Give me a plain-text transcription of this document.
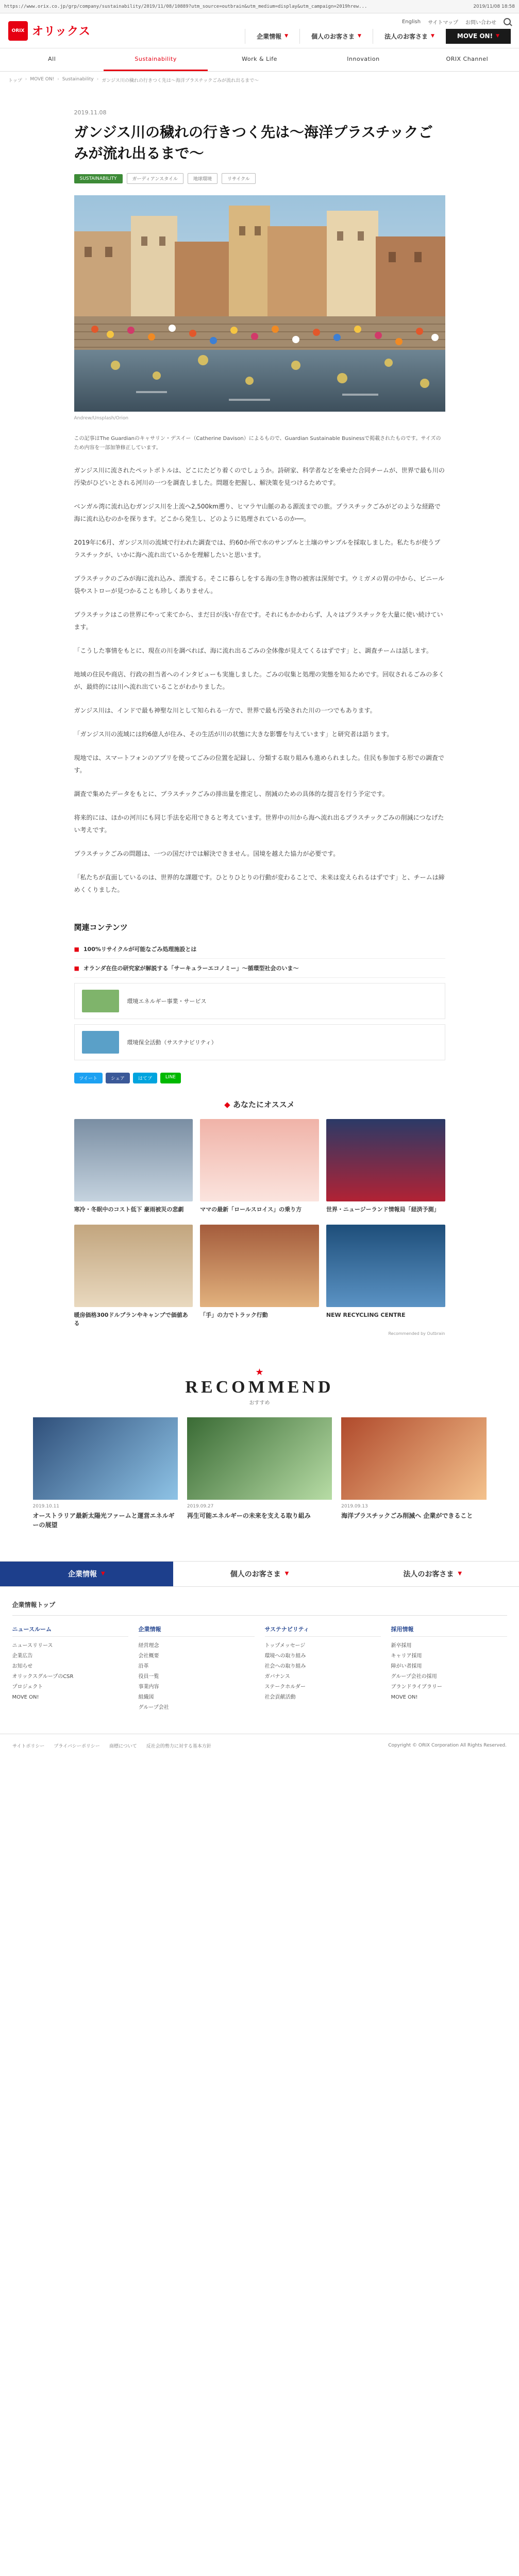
https://www.orix.co.jp/grp/company/sustainability/2019/11/08/10889?utm_source=outbrain&utm_medium=display&utm_campaign=2019hrew...	2019/11/08 18:58
ORIX オリックス
English サイトマップ お問い合わせ
企業情報 ▼	個人のお客さま ▼	法人のお客さま ▼	MOVE ON! ▼
All	Sustainability	Work & Life	Innovation	ORIX Channel
トップ › MOVE ON! › Sustainability › ガンジス川の穢れの行きつく先は〜海洋プラスチックごみが流れ出るまで〜
2019.11.08
ガンジス川の穢れの行きつく先は〜海洋プラスチックごみが流れ出るまで〜
SUSTAINABILITY	ガーディアンスタイル	地球環境	リサイクル
Andrew/Unsplash/Orion

この記事はThe Guardianのキャサリン・デスイー（Catherine Davison）によるもので、Guardian Sustainable Businessで掲載されたものです。サイズのため内容を一部加筆修正しています。

ガンジス川に流されたペットボトルは、どこにたどり着くのでしょうか。詩研家、科学者などを乗せた合同チームが、世界で最も川の汚染がひどいとされる河川の一つを調査しました。問題を把握し、解決策を見つけるためです。

ベンガル湾に流れ込むガンジス川を上流へ2,500km遡り、ヒマラヤ山脈のある源流までの旅。プラスチックごみがどのような経路で海に流れ込むのかを探ります。どこから発生し、どのように処理されているのか──。

2019年に6月、ガンジス川の流域で行われた調査では、約60か所で水のサンプルと土壌のサンプルを採取しました。私たちが使うプラスチックが、いかに海へ流れ出ているかを理解したいと思います。

プラスチックのごみが海に流れ込み、漂流する。そこに暮らしをする海の生き物の被害は深刻です。ウミガメの胃の中から、ビニール袋やストローが見つかることも珍しくありません。

プラスチックはこの世界にやって来てから、まだ日が浅い存在です。それにもかかわらず、人々はプラスチックを大量に使い続けています。

「こうした事情をもとに、現在の川を調べれば、海に流れ出るごみの全体像が見えてくるはずです」と、調査チームは話します。

地域の住民や商店、行政の担当者へのインタビューも実施しました。ごみの収集と処理の実態を知るためです。回収されるごみの多くが、最終的には川へ流れ出ていることがわかりました。

ガンジス川は、インドで最も神聖な川として知られる一方で、世界で最も汚染された川の一つでもあります。

「ガンジス川の流域には約6億人が住み、その生活が川の状態に大きな影響を与えています」と研究者は語ります。

現地では、スマートフォンのアプリを使ってごみの位置を記録し、分類する取り組みも進められました。住民も参加する形での調査です。

調査で集めたデータをもとに、プラスチックごみの排出量を推定し、削減のための具体的な提言を行う予定です。

将来的には、ほかの河川にも同じ手法を応用できると考えています。世界中の川から海へ流れ出るプラスチックごみの削減につなげたい考えです。

プラスチックごみの問題は、一つの国だけでは解決できません。国境を越えた協力が必要です。

「私たちが直面しているのは、世界的な課題です。ひとりひとりの行動が変わることで、未来は変えられるはずです」と、チームは締めくくりました。

関連コンテンツ
■ 100%リサイクルが可能なごみ処理施設とは
■ オランダ在住の研究家が解説する「サーキュラーエコノミー」〜循環型社会のいま〜
環境エネルギー事業・サービス
環境保全活動（サステナビリティ）
ツイート	シェア	はてブ	LINE
◆ あなたにオススメ
寒冷・冬眠中のコスト低下 豪雨被災の悲劇	ママの最新「ロールスロイス」の乗り方	世界・ニュージーランド情報局「経済予測」
暖房価格300ドルプランやキャンプで価値ある
「手」の力でトラック行動	NEW RECYCLING CENTRE
Recommended by Outbrain
★
RECOMMEND
おすすめ
2019.10.11
オーストラリア最新太陽光ファームと運営エネルギーの展望
2019.09.27
再生可能エネルギーの未来を支える取り組み
2019.09.13
海洋プラスチックごみ削減へ 企業ができること
企業情報 ▼	個人のお客さま ▼	法人のお客さま ▼
企業情報トップ
ニュースルーム
ニュースリリース
企業広告
お知らせ
オリックスグループのCSR
プロジェクト
MOVE ON!
企業情報
経営理念
会社概要
沿革
役員一覧
事業内容
組織図
グループ会社
サステナビリティ
トップメッセージ
環境への取り組み
社会への取り組み
ガバナンス
ステークホルダー
社会貢献活動
採用情報
新卒採用
キャリア採用
障がい者採用
グループ会社の採用
ブランドライブラリー
MOVE ON!
サイトポリシー プライバシーポリシー 商標について 反社会的勢力に対する基本方針	Copyright © ORIX Corporation All Rights Reserved.
